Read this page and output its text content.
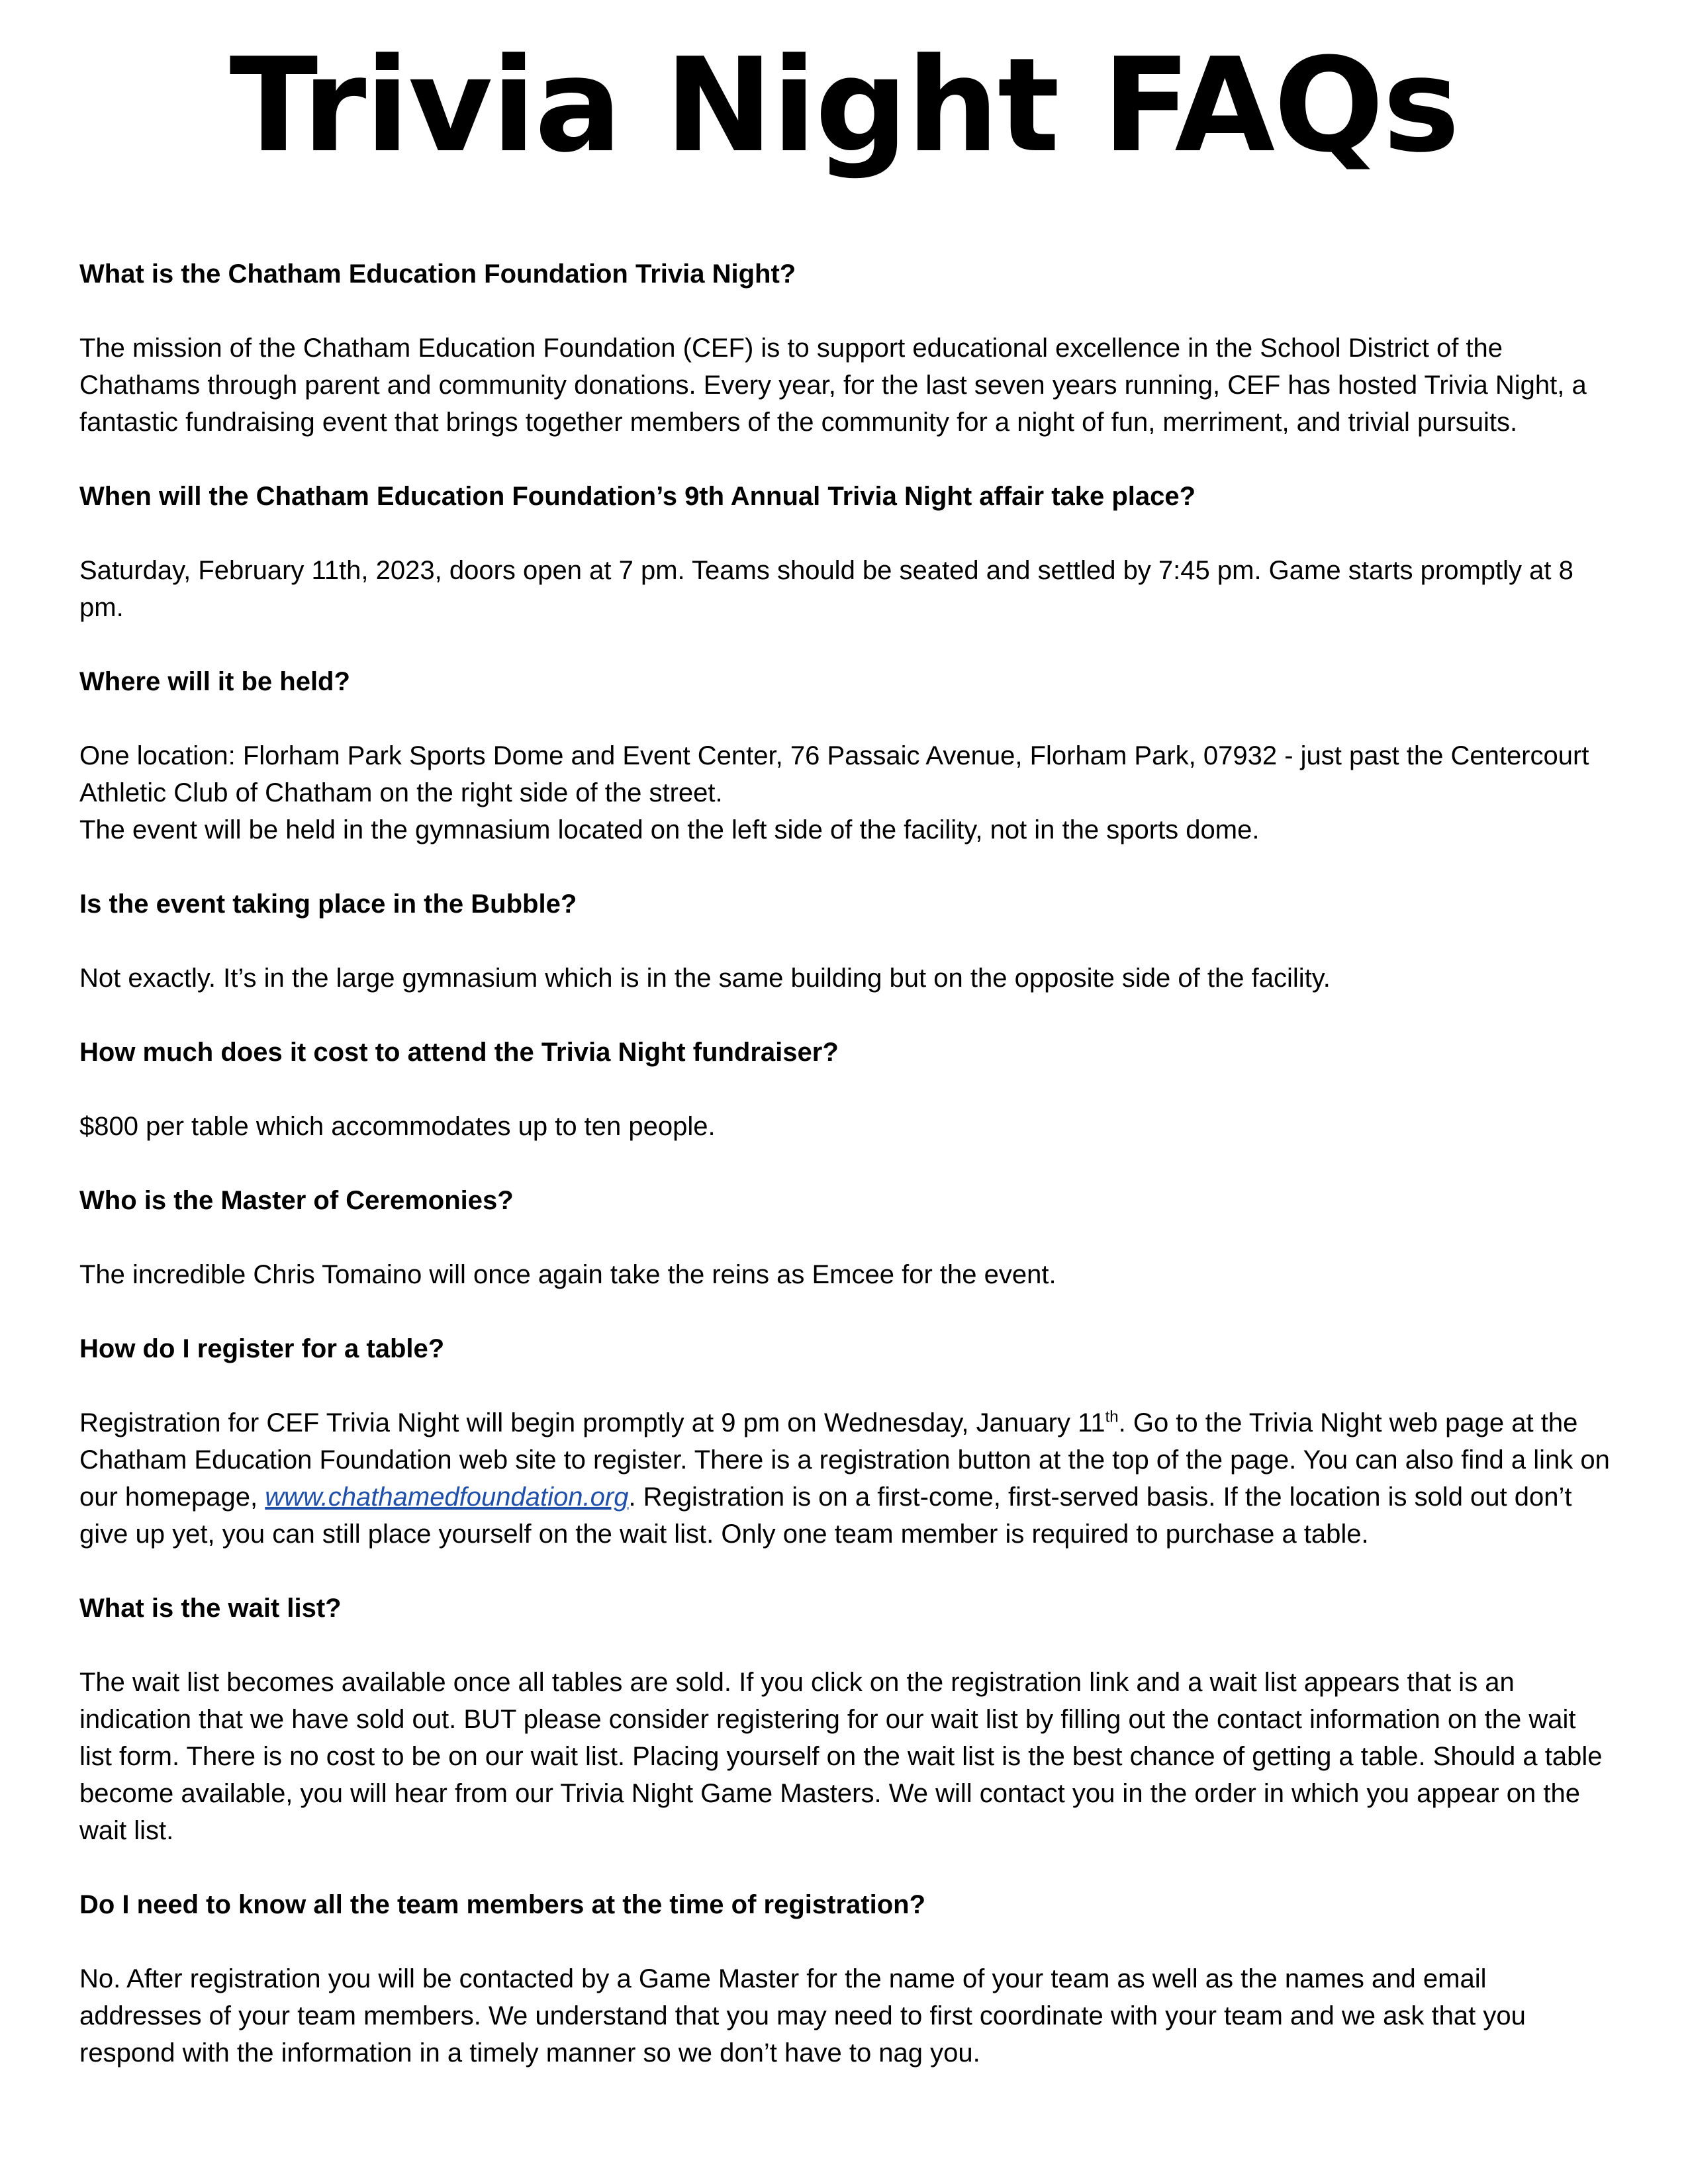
Trivia Night FAQs
What is the Chatham Education Foundation Trivia Night?
The mission of the Chatham Education Foundation (CEF) is to support educational excellence in the School District of the Chathams through parent and community donations. Every year, for the last seven years running, CEF has hosted Trivia Night, a fantastic fundraising event that brings together members of the community for a night of fun, merriment, and trivial pursuits.
When will the Chatham Education Foundation’s 9th Annual Trivia Night affair take place?
Saturday, February 11th, 2023, doors open at 7 pm. Teams should be seated and settled by 7:45 pm. Game starts promptly at 8 pm.
Where will it be held?

One location: Florham Park Sports Dome and Event Center, 76 Passaic Avenue, Florham Park, 07932 - just past the Centercourt Athletic Club of Chatham on the right side of the street.

The event will be held in the gymnasium located on the left side of the facility, not in the sports dome.

Is the event taking place in the Bubble?
Not exactly. It’s in the large gymnasium which is in the same building but on the opposite side of the facility.
How much does it cost to attend the Trivia Night fundraiser?
$800 per table which accommodates up to ten people.
Who is the Master of Ceremonies?
The incredible Chris Tomaino will once again take the reins as Emcee for the event.
How do I register for a table?
Registration for CEF Trivia Night will begin promptly at 9 pm on Wednesday, January 11th. Go to the Trivia Night web page at the Chatham Education Foundation web site to register. There is a registration button at the top of the page. You can also find a link on our homepage, www.chathamedfoundation.org. Registration is on a first-come, first-served basis. If the location is sold out don’t give up yet, you can still place yourself on the wait list. Only one team member is required to purchase a table.
What is the wait list?
The wait list becomes available once all tables are sold. If you click on the registration link and a wait list appears that is an indication that we have sold out. BUT please consider registering for our wait list by filling out the contact information on the wait list form. There is no cost to be on our wait list. Placing yourself on the wait list is the best chance of getting a table. Should a table become available, you will hear from our Trivia Night Game Masters. We will contact you in the order in which you appear on the wait list.
Do I need to know all the team members at the time of registration?
No. After registration you will be contacted by a Game Master for the name of your team as well as the names and email addresses of your team members. We understand that you may need to first coordinate with your team and we ask that you respond with the information in a timely manner so we don’t have to nag you.
